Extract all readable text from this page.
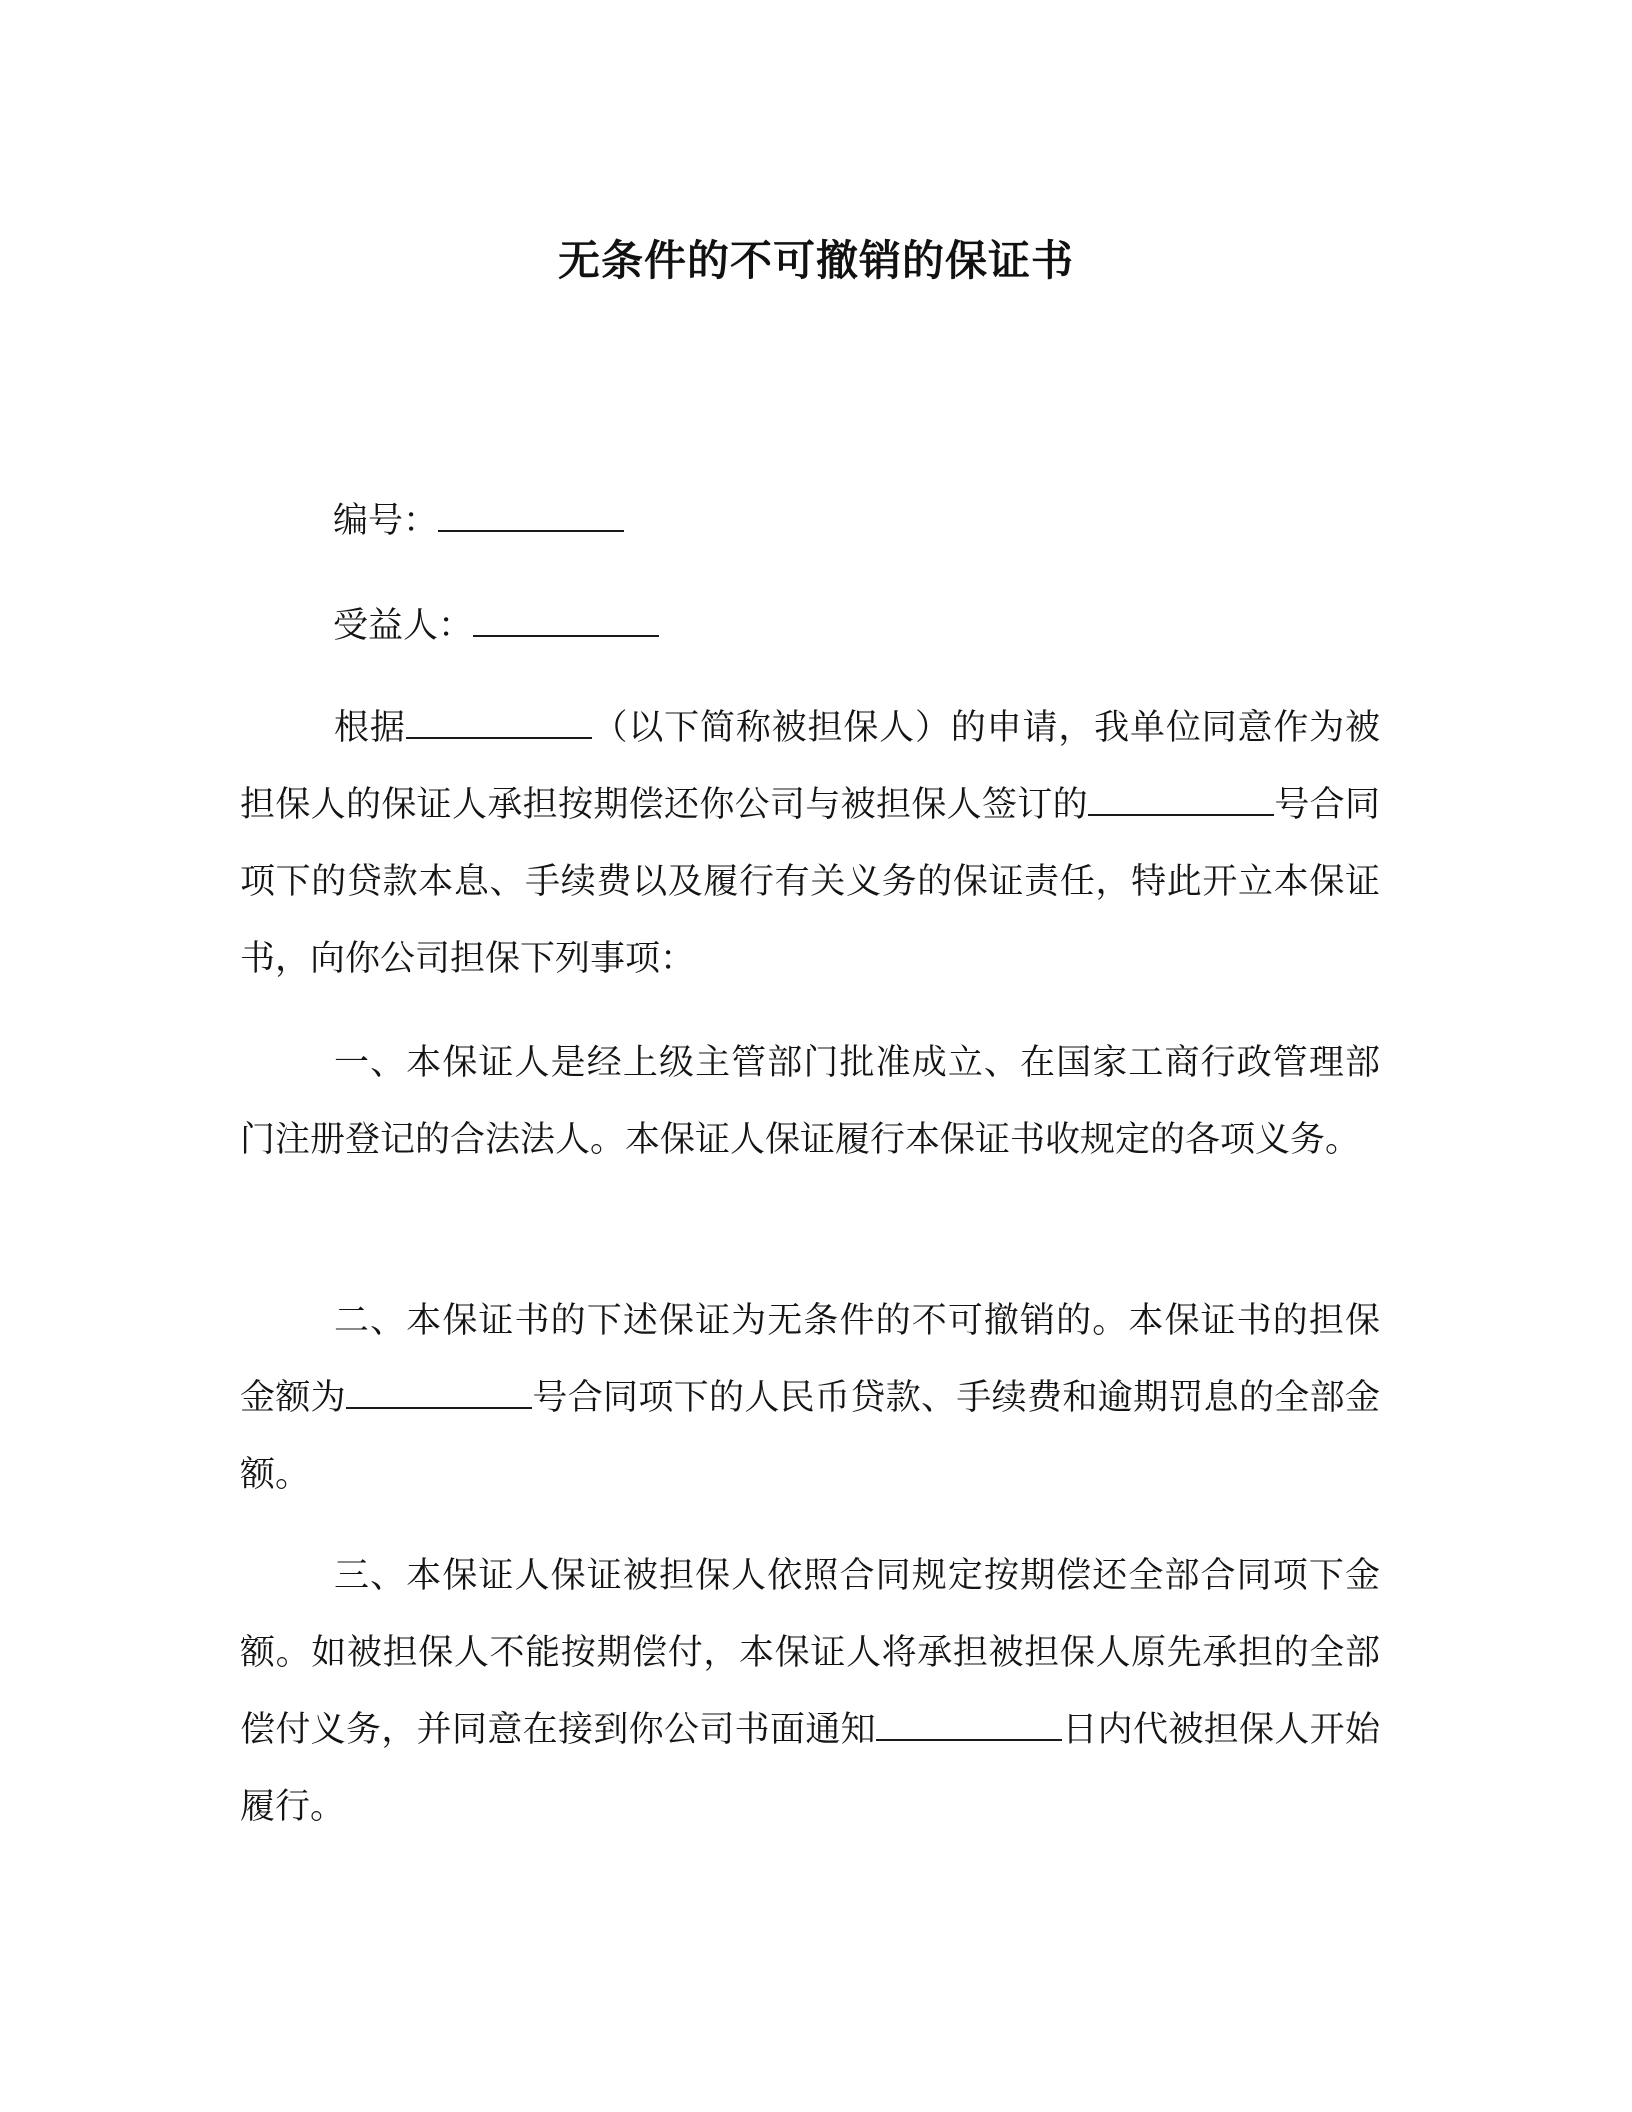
无条件的不可撤销的保证书
编号：
受益人：

根据	（以下简称被担保人）的申请，我单位同意作为被担保人的保证人承担按期偿还你公司与被担保人签订的	号合同项下的贷款本息、手续费以及履行有关义务的保证责任，特此开立本保证书，向你公司担保下列事项：

一、本保证人是经上级主管部门批准成立、在国家工商行政管理部门注册登记的合法法人。本保证人保证履行本保证书收规定的各项义务。

二、本保证书的下述保证为无条件的不可撤销的。本保证书的担保金额为	号合同项下的人民币贷款、手续费和逾期罚息的全部金额。

三、本保证人保证被担保人依照合同规定按期偿还全部合同项下金额。如被担保人不能按期偿付，本保证人将承担被担保人原先承担的全部偿付义务，并同意在接到你公司书面通知	日内代被担保人开始履行。
